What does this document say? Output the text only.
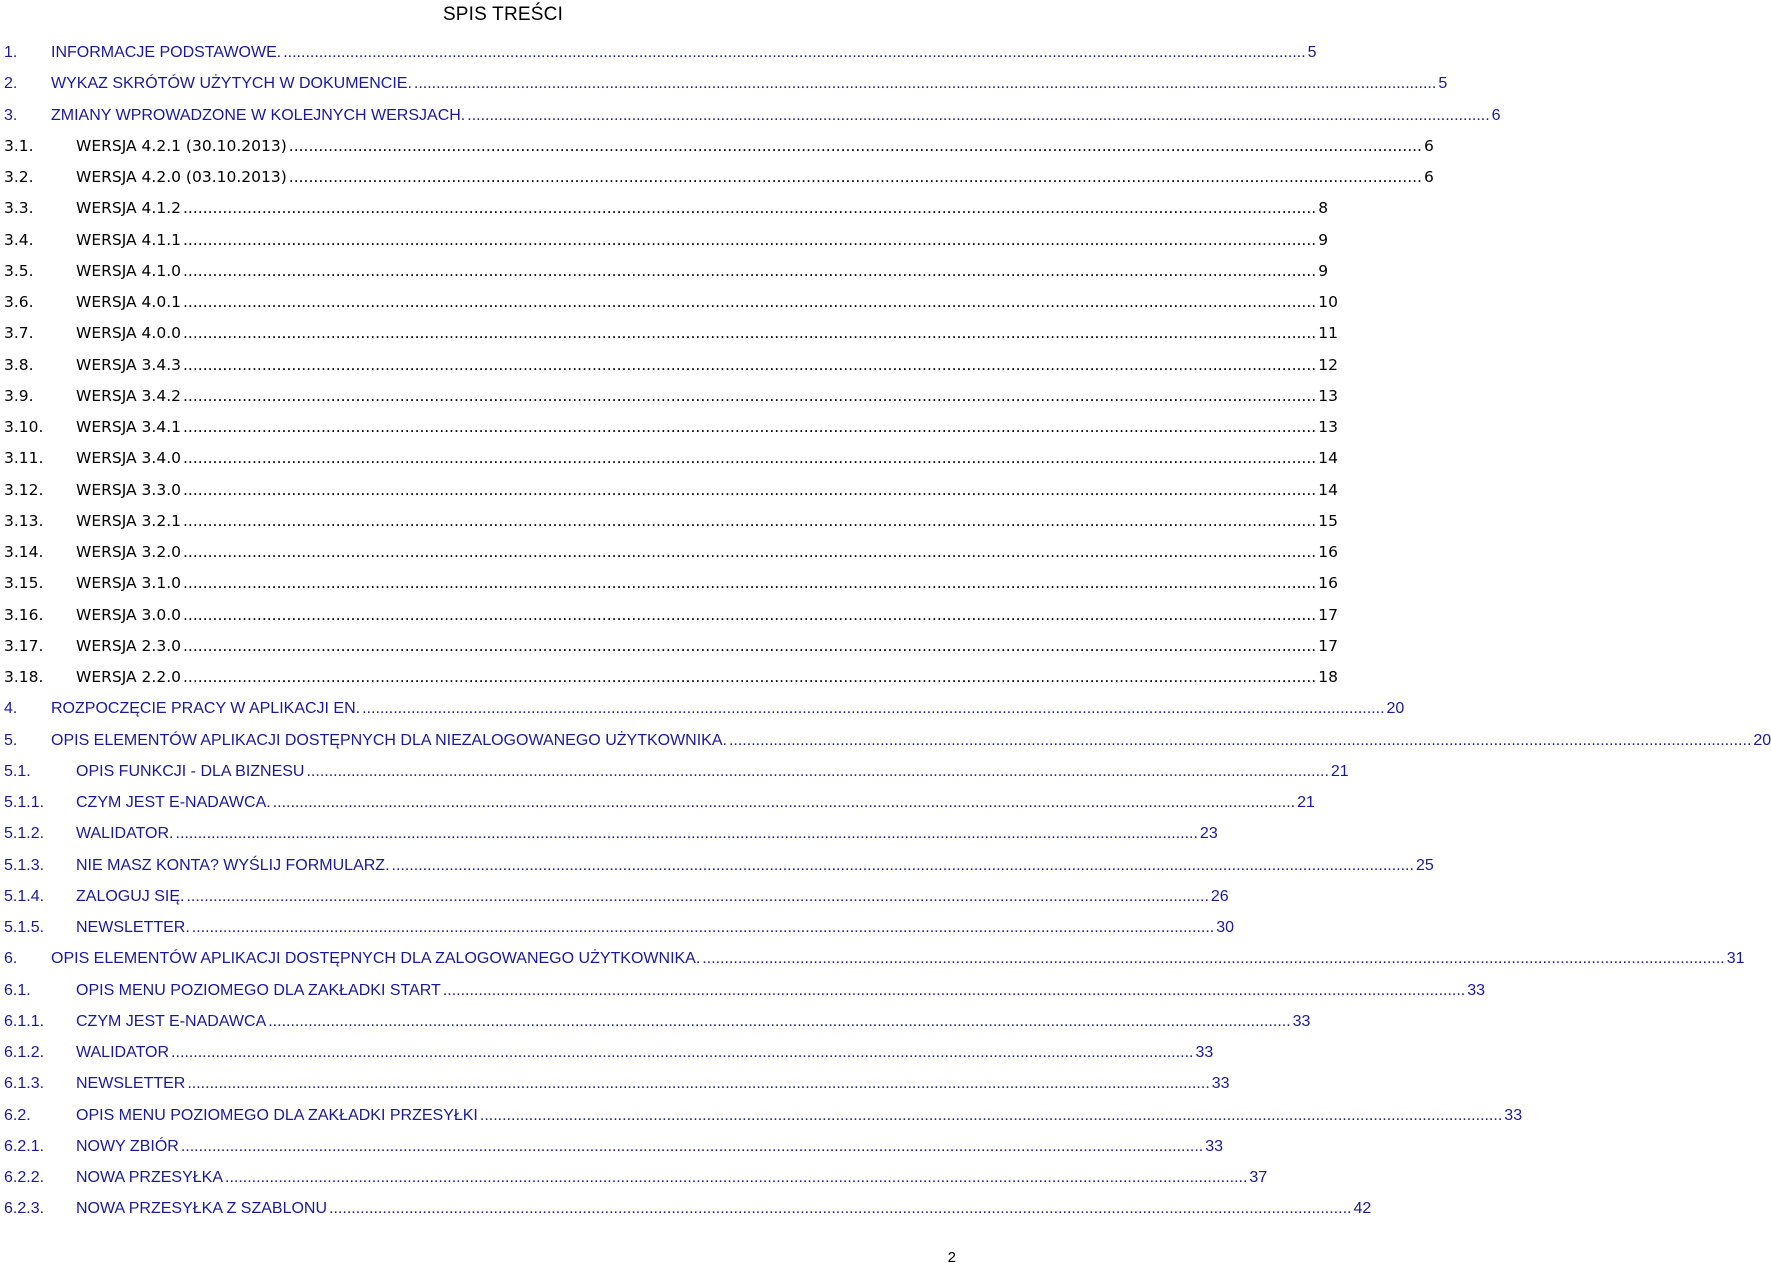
SPIS TREŚCI
1.	INFORMACJE PODSTAWOWE. .....	5
2.	WYKAZ SKRÓTÓW UŻYTYCH W DOKUMENCIE. .....	5
3.	ZMIANY WPROWADZONE W KOLEJNYCH WERSJACH. .....	6
3.1.	WERSJA 4.2.1 (30.10.2013) .....	6
3.2.	WERSJA 4.2.0 (03.10.2013) .....	6
3.3.	WERSJA 4.1.2 .....	8
3.4.	WERSJA 4.1.1 .....	9
3.5.	WERSJA 4.1.0 .....	9
3.6.	WERSJA 4.0.1 .....	10
3.7.	WERSJA 4.0.0 .....	11
3.8.	WERSJA 3.4.3 .....	12
3.9.	WERSJA 3.4.2 .....	13
3.10.	WERSJA 3.4.1 .....	13
3.11.	WERSJA 3.4.0 .....	14
3.12.	WERSJA 3.3.0 .....	14
3.13.	WERSJA 3.2.1 .....	15
3.14.	WERSJA 3.2.0 .....	16
3.15.	WERSJA 3.1.0 .....	16
3.16.	WERSJA 3.0.0 .....	17
3.17.	WERSJA 2.3.0 .....	17
3.18.	WERSJA 2.2.0 .....	18
4.	ROZPOCZĘCIE PRACY W APLIKACJI EN. .....	20
5.	OPIS ELEMENTÓW APLIKACJI DOSTĘPNYCH DLA NIEZALOGOWANEGO UŻYTKOWNIKA. .....	20
5.1.	OPIS FUNKCJI - DLA BIZNESU .....	21
5.1.1.	CZYM JEST E-NADAWCA. .....	21
5.1.2.	WALIDATOR. .....	23
5.1.3.	NIE MASZ KONTA? WYŚLIJ FORMULARZ. .....	25
5.1.4.	ZALOGUJ SIĘ. .....	26
5.1.5.	NEWSLETTER. .....	30
6.	OPIS ELEMENTÓW APLIKACJI DOSTĘPNYCH DLA ZALOGOWANEGO UŻYTKOWNIKA. .....	31
6.1.	OPIS MENU POZIOMEGO DLA ZAKŁADKI START .....	33
6.1.1.	CZYM JEST E-NADAWCA .....	33
6.1.2.	WALIDATOR .....	33
6.1.3.	NEWSLETTER .....	33
6.2.	OPIS MENU POZIOMEGO DLA ZAKŁADKI PRZESYŁKI .....	33
6.2.1.	NOWY ZBIÓR .....	33
6.2.2.	NOWA PRZESYŁKA .....	37
6.2.3.	NOWA PRZESYŁKA Z SZABLONU .....	42
2
